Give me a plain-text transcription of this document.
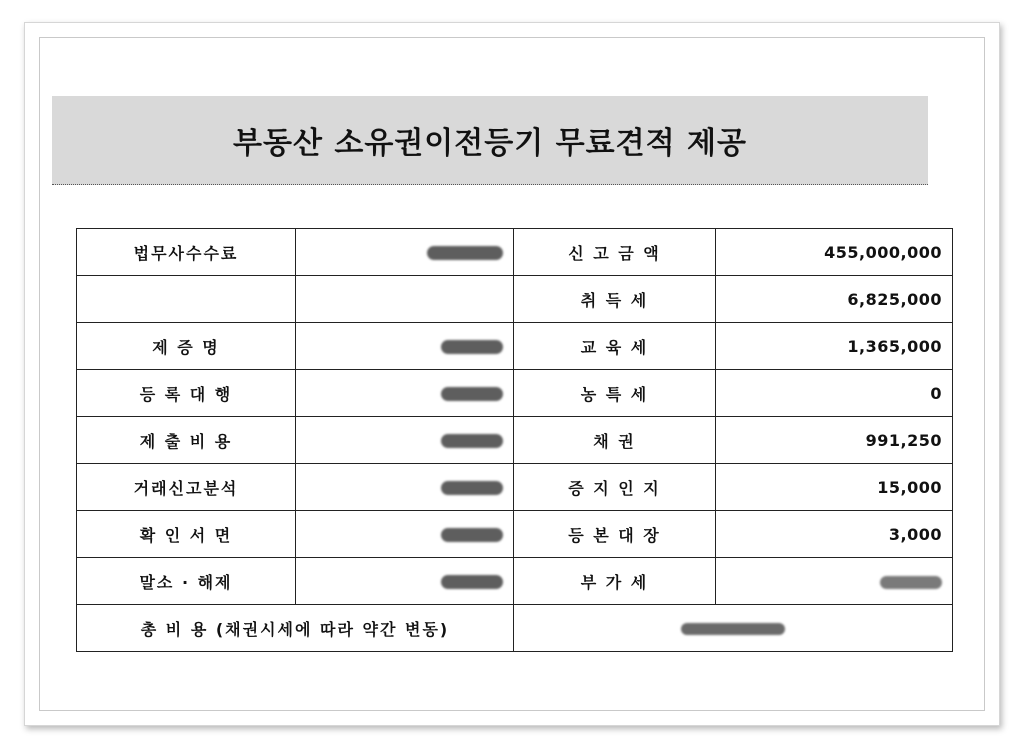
부동산 소유권이전등기 무료견적 제공
법무사수수료		신 고 금 액	455,000,000
		취 득 세	6,825,000
제 증 명		교 육 세	1,365,000
등 록 대 행		농 특 세	0
제 출 비 용		채 권	991,250
거래신고분석		증 지 인 지	15,000
확 인 서 면		등 본 대 장	3,000
말소 · 해제		부 가 세	
총 비 용 (채권시세에 따라 약간 변동)			
